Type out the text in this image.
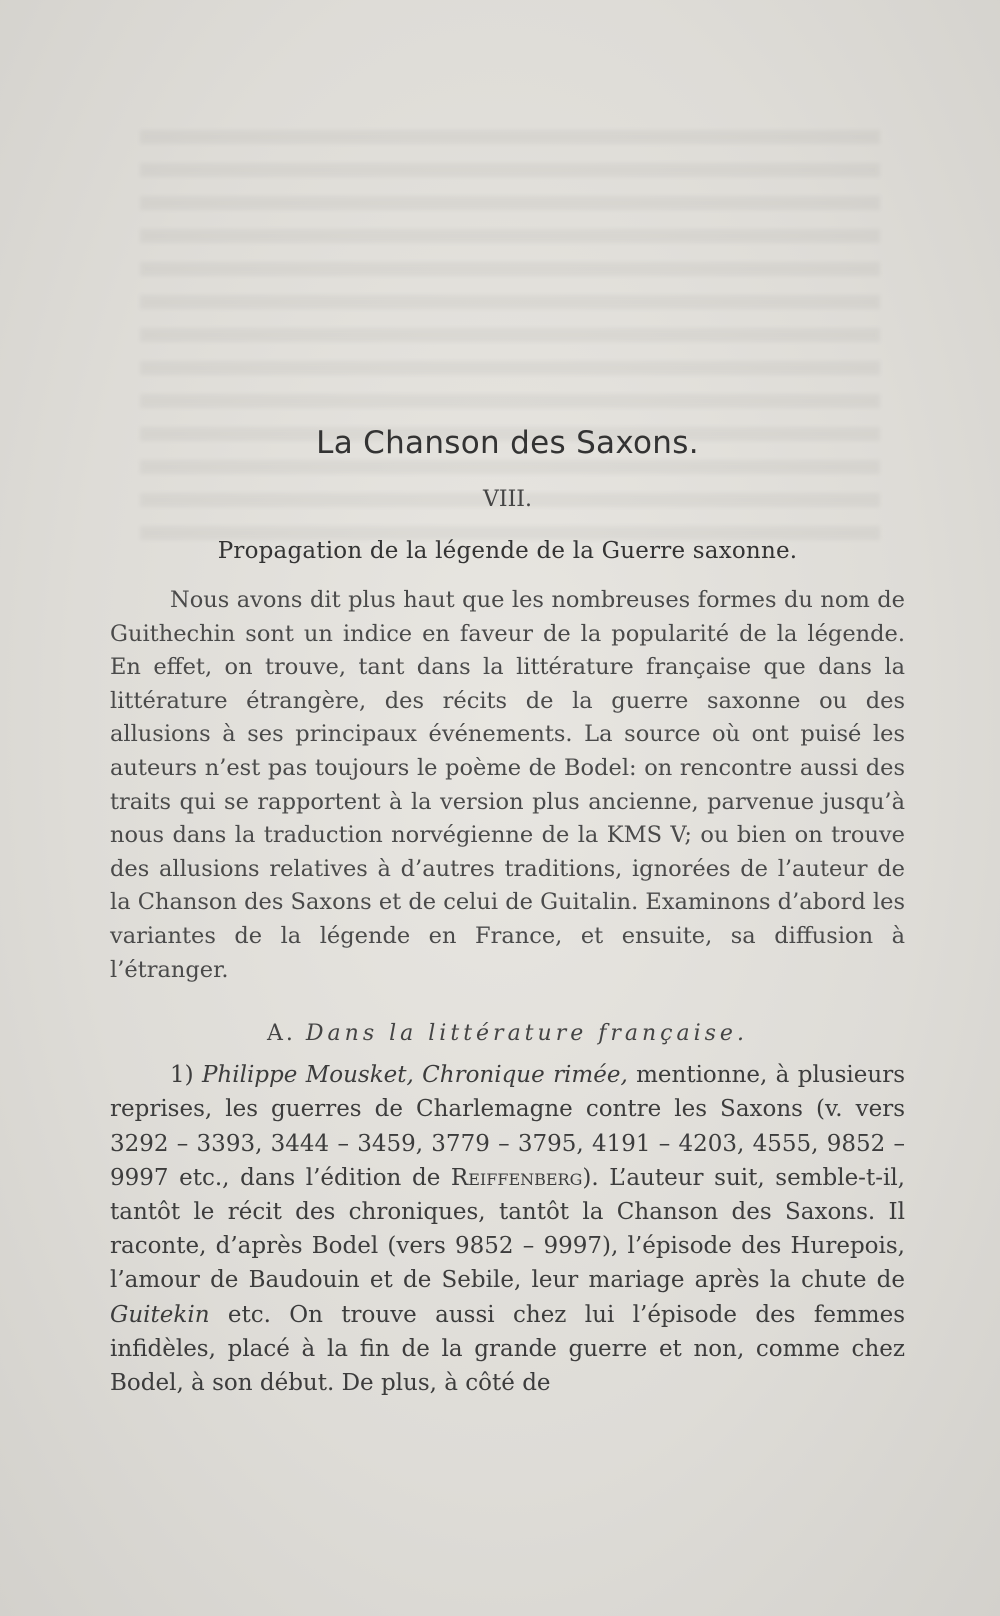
La Chanson des Saxons.
VIII.
Propagation de la légende de la Guerre saxonne.

Nous avons dit plus haut que les nombreuses formes du nom de Guithechin sont un indice en faveur de la popularité de la légende. En effet, on trouve, tant dans la littérature française que dans la littérature étrangère, des récits de la guerre saxonne ou des allusions à ses principaux événements. La source où ont puisé les auteurs n’est pas toujours le poème de Bodel: on rencontre aussi des traits qui se rapportent à la version plus ancienne, parvenue jusqu’à nous dans la traduction norvégienne de la KMS V; ou bien on trouve des allusions relatives à d’autres traditions, ignorées de l’auteur de la Chanson des Saxons et de celui de Guitalin. Examinons d’abord les variantes de la légende en France, et ensuite, sa diffusion à l’étranger.

A. Dans la littérature française.

1) Philippe Mousket, Chronique rimée, mentionne, à plusieurs reprises, les guerres de Charlemagne contre les Saxons (v. vers 3292 – 3393, 3444 – 3459, 3779 – 3795, 4191 – 4203, 4555, 9852 – 9997 etc., dans l’édition de Reiffenberg). L’auteur suit, semble-t-il, tantôt le récit des chroniques, tantôt la Chanson des Saxons. Il raconte, d’après Bodel (vers 9852 – 9997), l’épisode des Hurepois, l’amour de Baudouin et de Sebile, leur mariage après la chute de Guitekin etc. On trouve aussi chez lui l’épisode des femmes infidèles, placé à la fin de la grande guerre et non, comme chez Bodel, à son début. De plus, à côté de
